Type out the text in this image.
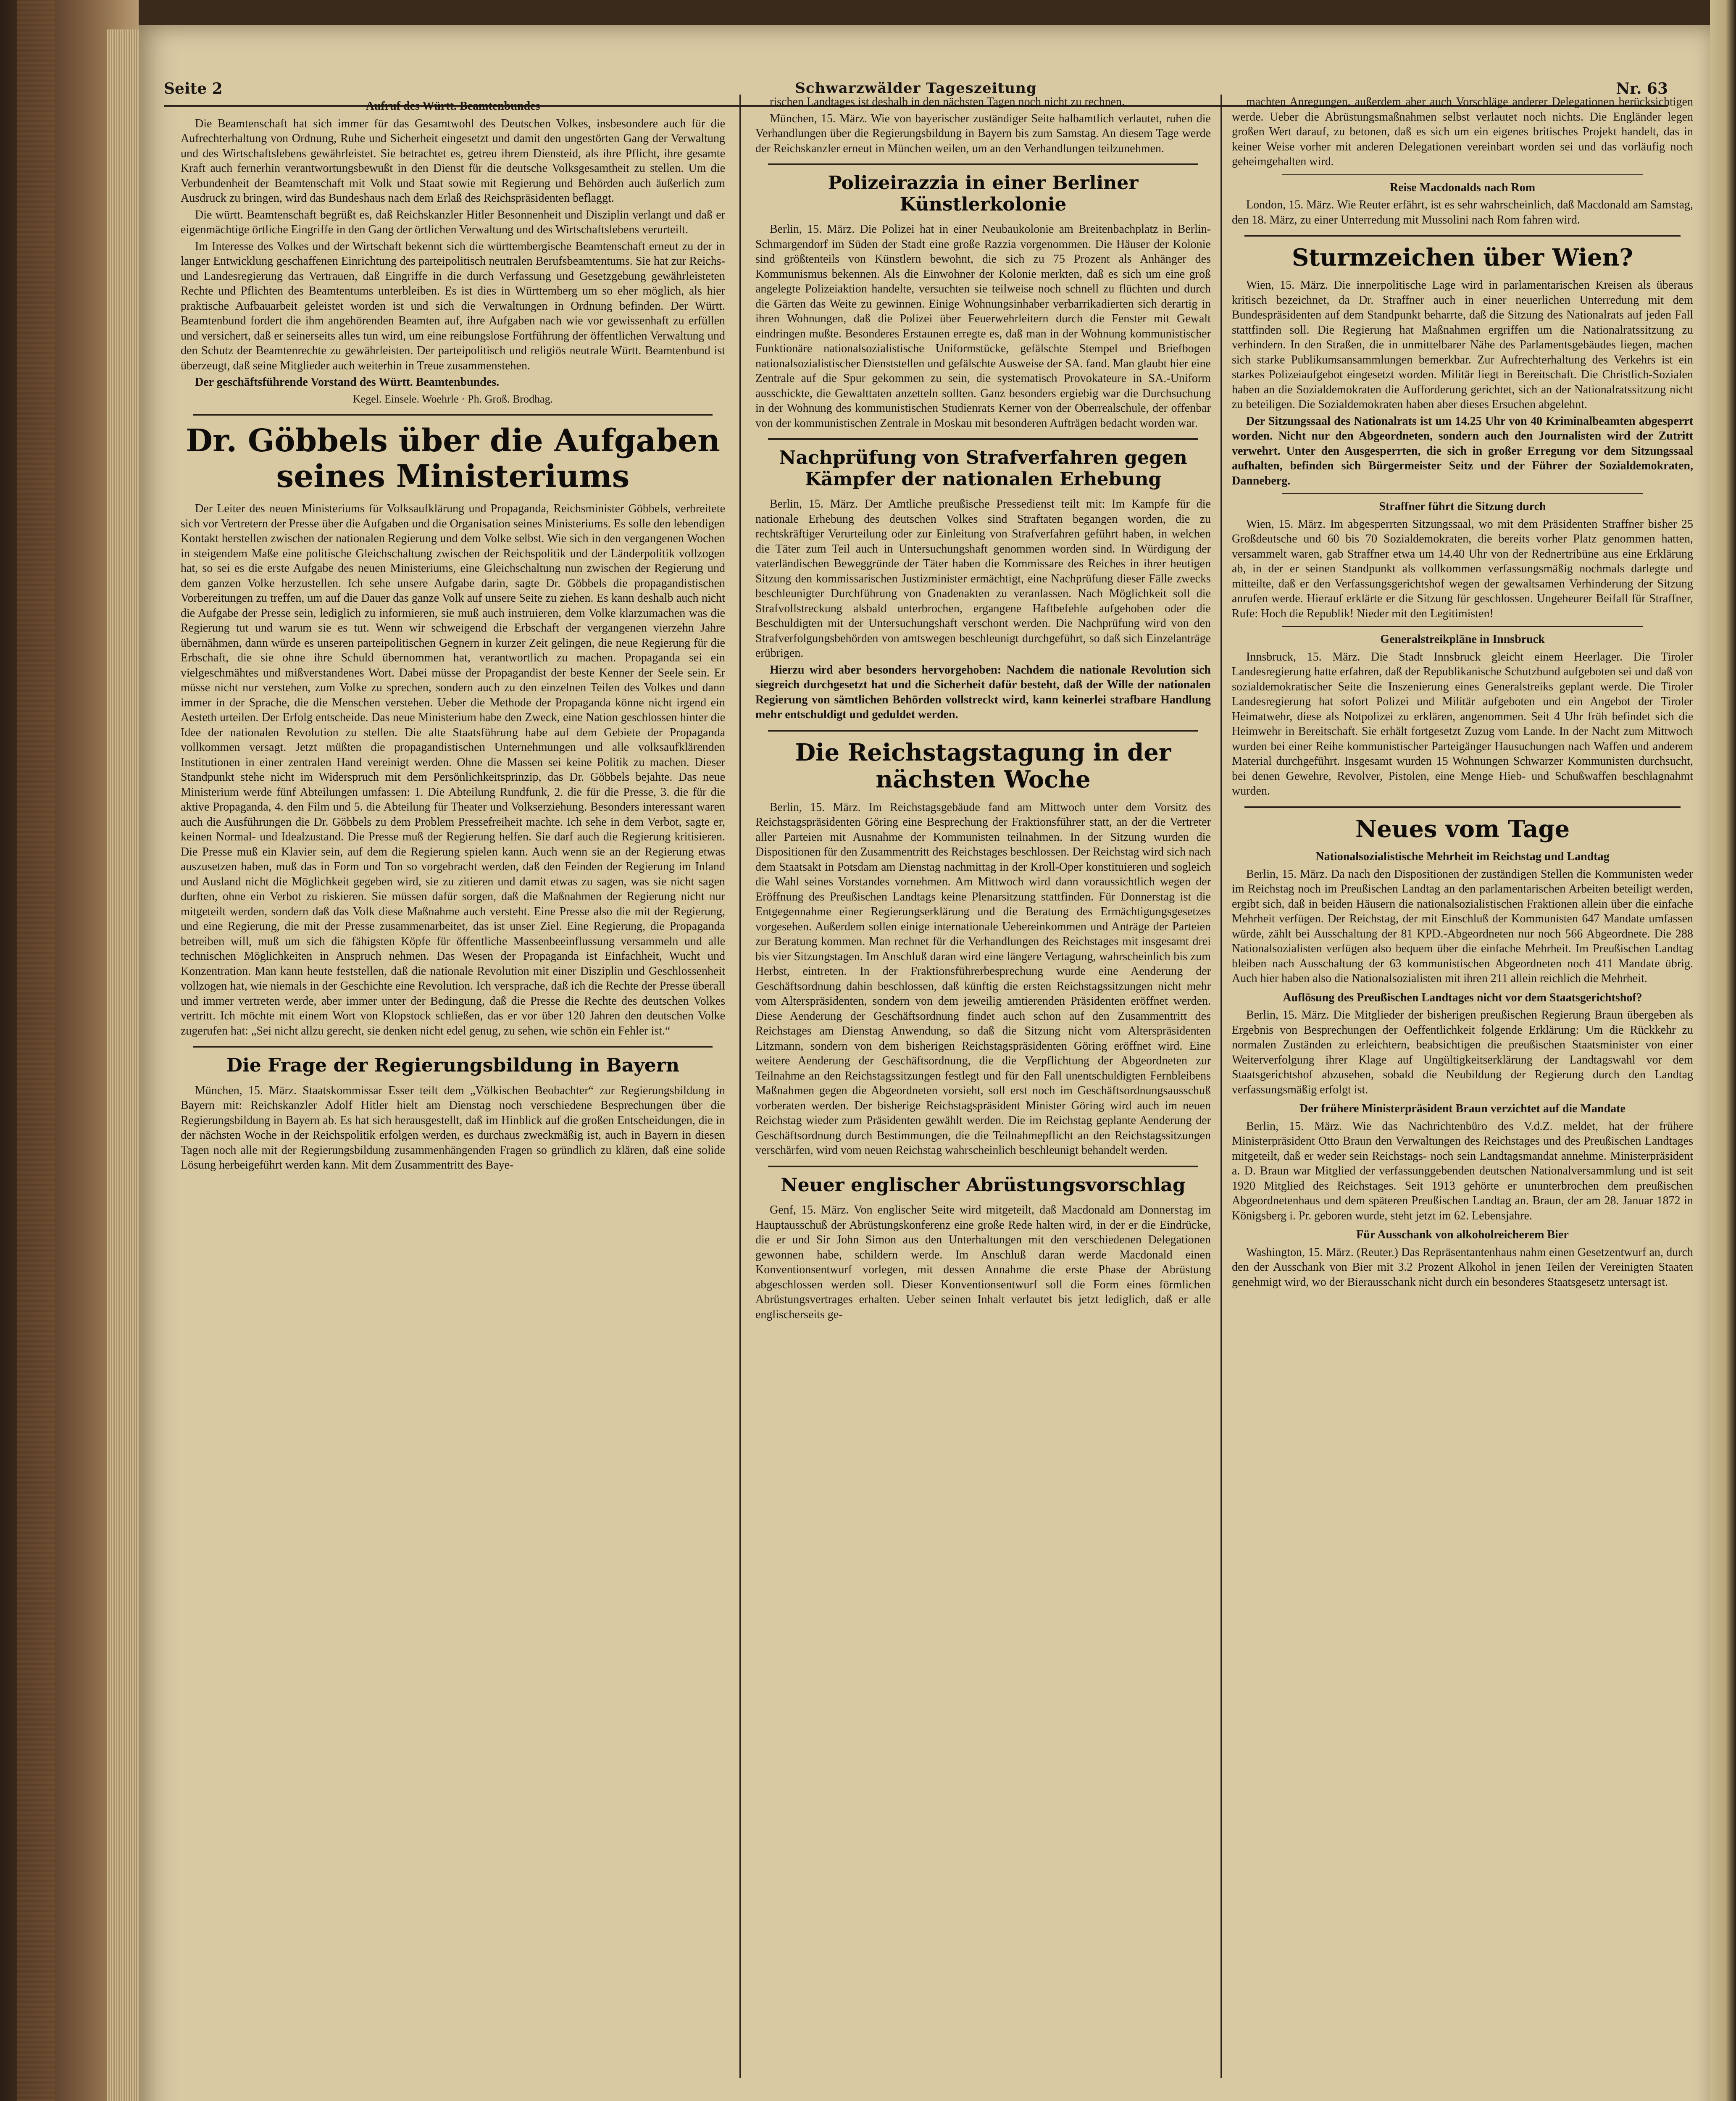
Seite 2	Schwarzwälder Tageszeitung	Nr. 63
Aufruf des Württ. Beamtenbundes

Die Beamtenschaft hat sich immer für das Gesamtwohl des Deutschen Volkes, insbesondere auch für die Aufrechterhaltung von Ordnung, Ruhe und Sicherheit eingesetzt und damit den ungestörten Gang der Verwaltung und des Wirtschaftslebens gewährleistet. Sie betrachtet es, getreu ihrem Diensteid, als ihre Pflicht, ihre gesamte Kraft auch fernerhin verantwortungsbewußt in den Dienst für die deutsche Volksgesamtheit zu stellen. Um die Verbundenheit der Beamtenschaft mit Volk und Staat sowie mit Regierung und Behörden auch äußerlich zum Ausdruck zu bringen, wird das Bundeshaus nach dem Erlaß des Reichspräsidenten beflaggt.

Die württ. Beamtenschaft begrüßt es, daß Reichskanzler Hitler Besonnenheit und Disziplin verlangt und daß er eigenmächtige örtliche Eingriffe in den Gang der örtlichen Verwaltung und des Wirtschaftslebens verurteilt.

Im Interesse des Volkes und der Wirtschaft bekennt sich die württembergische Beamtenschaft erneut zu der in langer Entwicklung geschaffenen Einrichtung des parteipolitisch neutralen Berufsbeamtentums. Sie hat zur Reichs- und Landesregierung das Vertrauen, daß Eingriffe in die durch Verfassung und Gesetzgebung gewährleisteten Rechte und Pflichten des Beamtentums unterbleiben. Es ist dies in Württemberg um so eher möglich, als hier praktische Aufbauarbeit geleistet worden ist und sich die Verwaltungen in Ordnung befinden. Der Württ. Beamtenbund fordert die ihm angehörenden Beamten auf, ihre Aufgaben nach wie vor gewissenhaft zu erfüllen und versichert, daß er seinerseits alles tun wird, um eine reibungslose Fortführung der öffentlichen Verwaltung und den Schutz der Beamtenrechte zu gewährleisten. Der parteipolitisch und religiös neutrale Württ. Beamtenbund ist überzeugt, daß seine Mitglieder auch weiterhin in Treue zusammenstehen.

Der geschäftsführende Vorstand des Württ. Beamtenbundes.

Kegel. Einsele. Woehrle · Ph. Groß. Brodhag.
Dr. Göbbels über die Aufgaben seines Ministeriums

Der Leiter des neuen Ministeriums für Volksaufklärung und Propaganda, Reichsminister Göbbels, verbreitete sich vor Vertretern der Presse über die Aufgaben und die Organisation seines Ministeriums. Es solle den lebendigen Kontakt herstellen zwischen der nationalen Regierung und dem Volke selbst. Wie sich in den vergangenen Wochen in steigendem Maße eine politische Gleichschaltung zwischen der Reichspolitik und der Länderpolitik vollzogen hat, so sei es die erste Aufgabe des neuen Ministeriums, eine Gleichschaltung nun zwischen der Regierung und dem ganzen Volke herzustellen. Ich sehe unsere Aufgabe darin, sagte Dr. Göbbels die propagandistischen Vorbereitungen zu treffen, um auf die Dauer das ganze Volk auf unsere Seite zu ziehen. Es kann deshalb auch nicht die Aufgabe der Presse sein, lediglich zu informieren, sie muß auch instruieren, dem Volke klarzumachen was die Regierung tut und warum sie es tut. Wenn wir schweigend die Erbschaft der vergangenen vierzehn Jahre übernähmen, dann würde es unseren parteipolitischen Gegnern in kurzer Zeit gelingen, die neue Regierung für die Erbschaft, die sie ohne ihre Schuld übernommen hat, verantwortlich zu machen. Propaganda sei ein vielgeschmähtes und mißverstandenes Wort. Dabei müsse der Propagandist der beste Kenner der Seele sein. Er müsse nicht nur verstehen, zum Volke zu sprechen, sondern auch zu den einzelnen Teilen des Volkes und dann immer in der Sprache, die die Menschen verstehen. Ueber die Methode der Propaganda könne nicht irgend ein Aesteth urteilen. Der Erfolg entscheide. Das neue Ministerium habe den Zweck, eine Nation geschlossen hinter die Idee der nationalen Revolution zu stellen. Die alte Staatsführung habe auf dem Gebiete der Propaganda vollkommen versagt. Jetzt müßten die propagandistischen Unternehmungen und alle volksaufklärenden Institutionen in einer zentralen Hand vereinigt werden. Ohne die Massen sei keine Politik zu machen. Dieser Standpunkt stehe nicht im Widerspruch mit dem Persönlichkeitsprinzip, das Dr. Göbbels bejahte. Das neue Ministerium werde fünf Abteilungen umfassen: 1. Die Abteilung Rundfunk, 2. die für die Presse, 3. die für die aktive Propaganda, 4. den Film und 5. die Abteilung für Theater und Volkserziehung. Besonders interessant waren auch die Ausführungen die Dr. Göbbels zu dem Problem Pressefreiheit machte. Ich sehe in dem Verbot, sagte er, keinen Normal- und Idealzustand. Die Presse muß der Regierung helfen. Sie darf auch die Regierung kritisieren. Die Presse muß ein Klavier sein, auf dem die Regierung spielen kann. Auch wenn sie an der Regierung etwas auszusetzen haben, muß das in Form und Ton so vorgebracht werden, daß den Feinden der Regierung im Inland und Ausland nicht die Möglichkeit gegeben wird, sie zu zitieren und damit etwas zu sagen, was sie nicht sagen durften, ohne ein Verbot zu riskieren. Sie müssen dafür sorgen, daß die Maßnahmen der Regierung nicht nur mitgeteilt werden, sondern daß das Volk diese Maßnahme auch versteht. Eine Presse also die mit der Regierung, und eine Regierung, die mit der Presse zusammenarbeitet, das ist unser Ziel. Eine Regierung, die Propaganda betreiben will, muß um sich die fähigsten Köpfe für öffentliche Massenbeeinflussung versammeln und alle technischen Möglichkeiten in Anspruch nehmen. Das Wesen der Propaganda ist Einfachheit, Wucht und Konzentration. Man kann heute feststellen, daß die nationale Revolution mit einer Disziplin und Geschlossenheit vollzogen hat, wie niemals in der Geschichte eine Revolution. Ich versprache, daß ich die Rechte der Presse überall und immer vertreten werde, aber immer unter der Bedingung, daß die Presse die Rechte des deutschen Volkes vertritt. Ich möchte mit einem Wort von Klopstock schließen, das er vor über 120 Jahren den deutschen Volke zugerufen hat: „Sei nicht allzu gerecht, sie denken nicht edel genug, zu sehen, wie schön ein Fehler ist.“

Die Frage der Regierungsbildung in Bayern

München, 15. März. Staatskommissar Esser teilt dem „Völkischen Beobachter“ zur Regierungsbildung in Bayern mit: Reichskanzler Adolf Hitler hielt am Dienstag noch verschiedene Besprechungen über die Regierungsbildung in Bayern ab. Es hat sich herausgestellt, daß im Hinblick auf die großen Entscheidungen, die in der nächsten Woche in der Reichspolitik erfolgen werden, es durchaus zweckmäßig ist, auch in Bayern in diesen Tagen noch alle mit der Regierungsbildung zusammenhängenden Fragen so gründlich zu klären, daß eine solide Lösung herbeigeführt werden kann. Mit dem Zusammentritt des Baye-

rischen Landtages ist deshalb in den nächsten Tagen noch nicht zu rechnen.

München, 15. März. Wie von bayerischer zuständiger Seite halbamtlich verlautet, ruhen die Verhandlungen über die Regierungsbildung in Bayern bis zum Samstag. An diesem Tage werde der Reichskanzler erneut in München weilen, um an den Verhandlungen teilzunehmen.

Polizeirazzia in einer Berliner Künstlerkolonie

Berlin, 15. März. Die Polizei hat in einer Neubaukolonie am Breitenbachplatz in Berlin-Schmargendorf im Süden der Stadt eine große Razzia vorgenommen. Die Häuser der Kolonie sind größtenteils von Künstlern bewohnt, die sich zu 75 Prozent als Anhänger des Kommunismus bekennen. Als die Einwohner der Kolonie merkten, daß es sich um eine groß angelegte Polizeiaktion handelte, versuchten sie teilweise noch schnell zu flüchten und durch die Gärten das Weite zu gewinnen. Einige Wohnungsinhaber verbarrikadierten sich derartig in ihren Wohnungen, daß die Polizei über Feuerwehrleitern durch die Fenster mit Gewalt eindringen mußte. Besonderes Erstaunen erregte es, daß man in der Wohnung kommunistischer Funktionäre nationalsozialistische Uniformstücke, gefälschte Stempel und Briefbogen nationalsozialistischer Dienststellen und gefälschte Ausweise der SA. fand. Man glaubt hier eine Zentrale auf die Spur gekommen zu sein, die systematisch Provokateure in SA.-Uniform ausschickte, die Gewalttaten anzetteln sollten. Ganz besonders ergiebig war die Durchsuchung in der Wohnung des kommunistischen Studienrats Kerner von der Oberrealschule, der offenbar von der kommunistischen Zentrale in Moskau mit besonderen Aufträgen bedacht worden war.

Nachprüfung von Strafverfahren gegen Kämpfer der nationalen Erhebung

Berlin, 15. März. Der Amtliche preußische Pressedienst teilt mit: Im Kampfe für die nationale Erhebung des deutschen Volkes sind Straftaten begangen worden, die zu rechtskräftiger Verurteilung oder zur Einleitung von Strafverfahren geführt haben, in welchen die Täter zum Teil auch in Untersuchungshaft genommen worden sind. In Würdigung der vaterländischen Beweggründe der Täter haben die Kommissare des Reiches in ihrer heutigen Sitzung den kommissarischen Justizminister ermächtigt, eine Nachprüfung dieser Fälle zwecks beschleunigter Durchführung von Gnadenakten zu veranlassen. Nach Möglichkeit soll die Strafvollstreckung alsbald unterbrochen, ergangene Haftbefehle aufgehoben oder die Beschuldigten mit der Untersuchungshaft verschont werden. Die Nachprüfung wird von den Strafverfolgungsbehörden von amtswegen beschleunigt durchgeführt, so daß sich Einzelanträge erübrigen.

Hierzu wird aber besonders hervorgehoben: Nachdem die nationale Revolution sich siegreich durchgesetzt hat und die Sicherheit dafür besteht, daß der Wille der nationalen Regierung von sämtlichen Behörden vollstreckt wird, kann keinerlei strafbare Handlung mehr entschuldigt und geduldet werden.

Die Reichstagstagung in der nächsten Woche

Berlin, 15. März. Im Reichstagsgebäude fand am Mittwoch unter dem Vorsitz des Reichstagspräsidenten Göring eine Besprechung der Fraktionsführer statt, an der die Vertreter aller Parteien mit Ausnahme der Kommunisten teilnahmen. In der Sitzung wurden die Dispositionen für den Zusammentritt des Reichstages beschlossen. Der Reichstag wird sich nach dem Staatsakt in Potsdam am Dienstag nachmittag in der Kroll-Oper konstituieren und sogleich die Wahl seines Vorstandes vornehmen. Am Mittwoch wird dann voraussichtlich wegen der Eröffnung des Preußischen Landtags keine Plenarsitzung stattfinden. Für Donnerstag ist die Entgegennahme einer Regierungserklärung und die Beratung des Ermächtigungsgesetzes vorgesehen. Außerdem sollen einige internationale Uebereinkommen und Anträge der Parteien zur Beratung kommen. Man rechnet für die Verhandlungen des Reichstages mit insgesamt drei bis vier Sitzungstagen. Im Anschluß daran wird eine längere Vertagung, wahrscheinlich bis zum Herbst, eintreten. In der Fraktionsführerbesprechung wurde eine Aenderung der Geschäftsordnung dahin beschlossen, daß künftig die ersten Reichstagssitzungen nicht mehr vom Alterspräsidenten, sondern von dem jeweilig amtierenden Präsidenten eröffnet werden. Diese Aenderung der Geschäftsordnung findet auch schon auf den Zusammentritt des Reichstages am Dienstag Anwendung, so daß die Sitzung nicht vom Alterspräsidenten Litzmann, sondern von dem bisherigen Reichstagspräsidenten Göring eröffnet wird. Eine weitere Aenderung der Geschäftsordnung, die die Verpflichtung der Abgeordneten zur Teilnahme an den Reichstagssitzungen festlegt und für den Fall unentschuldigten Fernbleibens Maßnahmen gegen die Abgeordneten vorsieht, soll erst noch im Geschäftsordnungsausschuß vorberaten werden. Der bisherige Reichstagspräsident Minister Göring wird auch im neuen Reichstag wieder zum Präsidenten gewählt werden. Die im Reichstag geplante Aenderung der Geschäftsordnung durch Bestimmungen, die die Teilnahmepflicht an den Reichstagssitzungen verschärfen, wird vom neuen Reichstag wahrscheinlich beschleunigt behandelt werden.

Neuer englischer Abrüstungsvorschlag

Genf, 15. März. Von englischer Seite wird mitgeteilt, daß Macdonald am Donnerstag im Hauptausschuß der Abrüstungskonferenz eine große Rede halten wird, in der er die Eindrücke, die er und Sir John Simon aus den Unterhaltungen mit den verschiedenen Delegationen gewonnen habe, schildern werde. Im Anschluß daran werde Macdonald einen Konventionsentwurf vorlegen, mit dessen Annahme die erste Phase der Abrüstung abgeschlossen werden soll. Dieser Konventionsentwurf soll die Form eines förmlichen Abrüstungsvertrages erhalten. Ueber seinen Inhalt verlautet bis jetzt lediglich, daß er alle englischerseits ge-

machten Anregungen, außerdem aber auch Vorschläge anderer Delegationen berücksichtigen werde. Ueber die Abrüstungsmaßnahmen selbst verlautet noch nichts. Die Engländer legen großen Wert darauf, zu betonen, daß es sich um ein eigenes britisches Projekt handelt, das in keiner Weise vorher mit anderen Delegationen vereinbart worden sei und das vorläufig noch geheimgehalten wird.

Reise Macdonalds nach Rom

London, 15. März. Wie Reuter erfährt, ist es sehr wahrscheinlich, daß Macdonald am Samstag, den 18. März, zu einer Unterredung mit Mussolini nach Rom fahren wird.

Sturmzeichen über Wien?

Wien, 15. März. Die innerpolitische Lage wird in parlamentarischen Kreisen als überaus kritisch bezeichnet, da Dr. Straffner auch in einer neuerlichen Unterredung mit dem Bundespräsidenten auf dem Standpunkt beharrte, daß die Sitzung des Nationalrats auf jeden Fall stattfinden soll. Die Regierung hat Maßnahmen ergriffen um die Nationalratssitzung zu verhindern. In den Straßen, die in unmittelbarer Nähe des Parlamentsgebäudes liegen, machen sich starke Publikumsansammlungen bemerkbar. Zur Aufrechterhaltung des Verkehrs ist ein starkes Polizeiaufgebot eingesetzt worden. Militär liegt in Bereitschaft. Die Christlich-Sozialen haben an die Sozialdemokraten die Aufforderung gerichtet, sich an der Nationalratssitzung nicht zu beteiligen. Die Sozialdemokraten haben aber dieses Ersuchen abgelehnt.

Der Sitzungssaal des Nationalrats ist um 14.25 Uhr von 40 Kriminalbeamten abgesperrt worden. Nicht nur den Abgeordneten, sondern auch den Journalisten wird der Zutritt verwehrt. Unter den Ausgesperrten, die sich in großer Erregung vor dem Sitzungssaal aufhalten, befinden sich Bürgermeister Seitz und der Führer der Sozialdemokraten, Danneberg.

Straffner führt die Sitzung durch

Wien, 15. März. Im abgesperrten Sitzungssaal, wo mit dem Präsidenten Straffner bisher 25 Großdeutsche und 60 bis 70 Sozialdemokraten, die bereits vorher Platz genommen hatten, versammelt waren, gab Straffner etwa um 14.40 Uhr von der Rednertribüne aus eine Erklärung ab, in der er seinen Standpunkt als vollkommen verfassungsmäßig nochmals darlegte und mitteilte, daß er den Verfassungsgerichtshof wegen der gewaltsamen Verhinderung der Sitzung anrufen werde. Hierauf erklärte er die Sitzung für geschlossen. Ungeheurer Beifall für Straffner, Rufe: Hoch die Republik! Nieder mit den Legitimisten!

Generalstreikpläne in Innsbruck

Innsbruck, 15. März. Die Stadt Innsbruck gleicht einem Heerlager. Die Tiroler Landesregierung hatte erfahren, daß der Republikanische Schutzbund aufgeboten sei und daß von sozialdemokratischer Seite die Inszenierung eines Generalstreiks geplant werde. Die Tiroler Landesregierung hat sofort Polizei und Militär aufgeboten und ein Angebot der Tiroler Heimatwehr, diese als Notpolizei zu erklären, angenommen. Seit 4 Uhr früh befindet sich die Heimwehr in Bereitschaft. Sie erhält fortgesetzt Zuzug vom Lande. In der Nacht zum Mittwoch wurden bei einer Reihe kommunistischer Parteigänger Hausuchungen nach Waffen und anderem Material durchgeführt. Insgesamt wurden 15 Wohnungen Schwarzer Kommunisten durchsucht, bei denen Gewehre, Revolver, Pistolen, eine Menge Hieb- und Schußwaffen beschlagnahmt wurden.

Neues vom Tage
Nationalsozialistische Mehrheit im Reichstag und Landtag

Berlin, 15. März. Da nach den Dispositionen der zuständigen Stellen die Kommunisten weder im Reichstag noch im Preußischen Landtag an den parlamentarischen Arbeiten beteiligt werden, ergibt sich, daß in beiden Häusern die nationalsozialistischen Fraktionen allein über die einfache Mehrheit verfügen. Der Reichstag, der mit Einschluß der Kommunisten 647 Mandate umfassen würde, zählt bei Ausschaltung der 81 KPD.-Abgeordneten nur noch 566 Abgeordnete. Die 288 Nationalsozialisten verfügen also bequem über die einfache Mehrheit. Im Preußischen Landtag bleiben nach Ausschaltung der 63 kommunistischen Abgeordneten noch 411 Mandate übrig. Auch hier haben also die Nationalsozialisten mit ihren 211 allein reichlich die Mehrheit.

Auflösung des Preußischen Landtages nicht vor dem Staatsgerichtshof?

Berlin, 15. März. Die Mitglieder der bisherigen preußischen Regierung Braun übergeben als Ergebnis von Besprechungen der Oeffentlichkeit folgende Erklärung: Um die Rückkehr zu normalen Zuständen zu erleichtern, beabsichtigen die preußischen Staatsminister von einer Weiterverfolgung ihrer Klage auf Ungültigkeitserklärung der Landtagswahl vor dem Staatsgerichtshof abzusehen, sobald die Neubildung der Regierung durch den Landtag verfassungsmäßig erfolgt ist.

Der frühere Ministerpräsident Braun verzichtet auf die Mandate

Berlin, 15. März. Wie das Nachrichtenbüro des V.d.Z. meldet, hat der frühere Ministerpräsident Otto Braun den Verwaltungen des Reichstages und des Preußischen Landtages mitgeteilt, daß er weder sein Reichstags- noch sein Landtagsmandat annehme. Ministerpräsident a. D. Braun war Mitglied der verfassunggebenden deutschen Nationalversammlung und ist seit 1920 Mitglied des Reichstages. Seit 1913 gehörte er ununterbrochen dem preußischen Abgeordnetenhaus und dem späteren Preußischen Landtag an. Braun, der am 28. Januar 1872 in Königsberg i. Pr. geboren wurde, steht jetzt im 62. Lebensjahre.

Für Ausschank von alkoholreicherem Bier

Washington, 15. März. (Reuter.) Das Repräsentantenhaus nahm einen Gesetzentwurf an, durch den der Ausschank von Bier mit 3.2 Prozent Alkohol in jenen Teilen der Vereinigten Staaten genehmigt wird, wo der Bierausschank nicht durch ein besonderes Staatsgesetz untersagt ist.
